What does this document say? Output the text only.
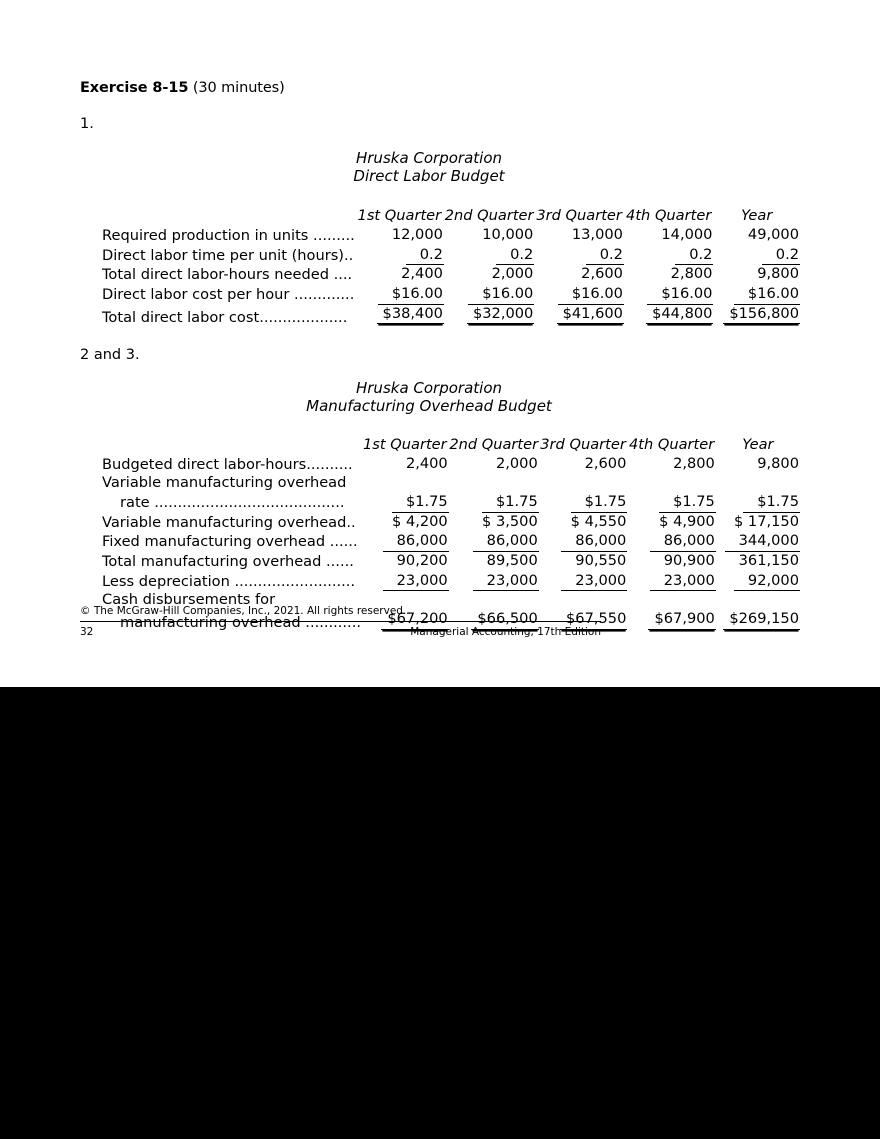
Exercise 8-15 (30 minutes)
1.
Hruska Corporation
Direct Labor Budget
	1st Quarter	2nd Quarter	3rd Quarter	4th Quarter	Year
Required production in units .........	12,000	10,000	13,000	14,000	49,000
Direct labor time per unit (hours)..	0.2	0.2	0.2	0.2	0.2
Total direct labor-hours needed ....	2,400	2,000	2,600	2,800	9,800
Direct labor cost per hour .............	$16.00	$16.00	$16.00	$16.00	$16.00
Total direct labor cost...................	$38,400	$32,000	$41,600	$44,800	$156,800
2 and 3.
Hruska Corporation
Manufacturing Overhead Budget
	1st Quarter	2nd Quarter	3rd Quarter	4th Quarter	Year
Budgeted direct labor-hours..........	2,400	2,000	2,600	2,800	9,800
Variable manufacturing overhead					
rate .........................................	$1.75	$1.75	$1.75	$1.75	$1.75
Variable manufacturing overhead..	$ 4,200	$ 3,500	$ 4,550	$ 4,900	$ 17,150
Fixed manufacturing overhead ......	86,000	86,000	86,000	86,000	344,000
Total manufacturing overhead ......	90,200	89,500	90,550	90,900	361,150
Less depreciation ..........................	23,000	23,000	23,000	23,000	92,000
Cash disbursements for					
manufacturing overhead ............	$67,200	$66,500	$67,550	$67,900	$269,150
© The McGraw-Hill Companies, Inc., 2021. All rights reserved.
32	Managerial Accounting, 17th Edition
